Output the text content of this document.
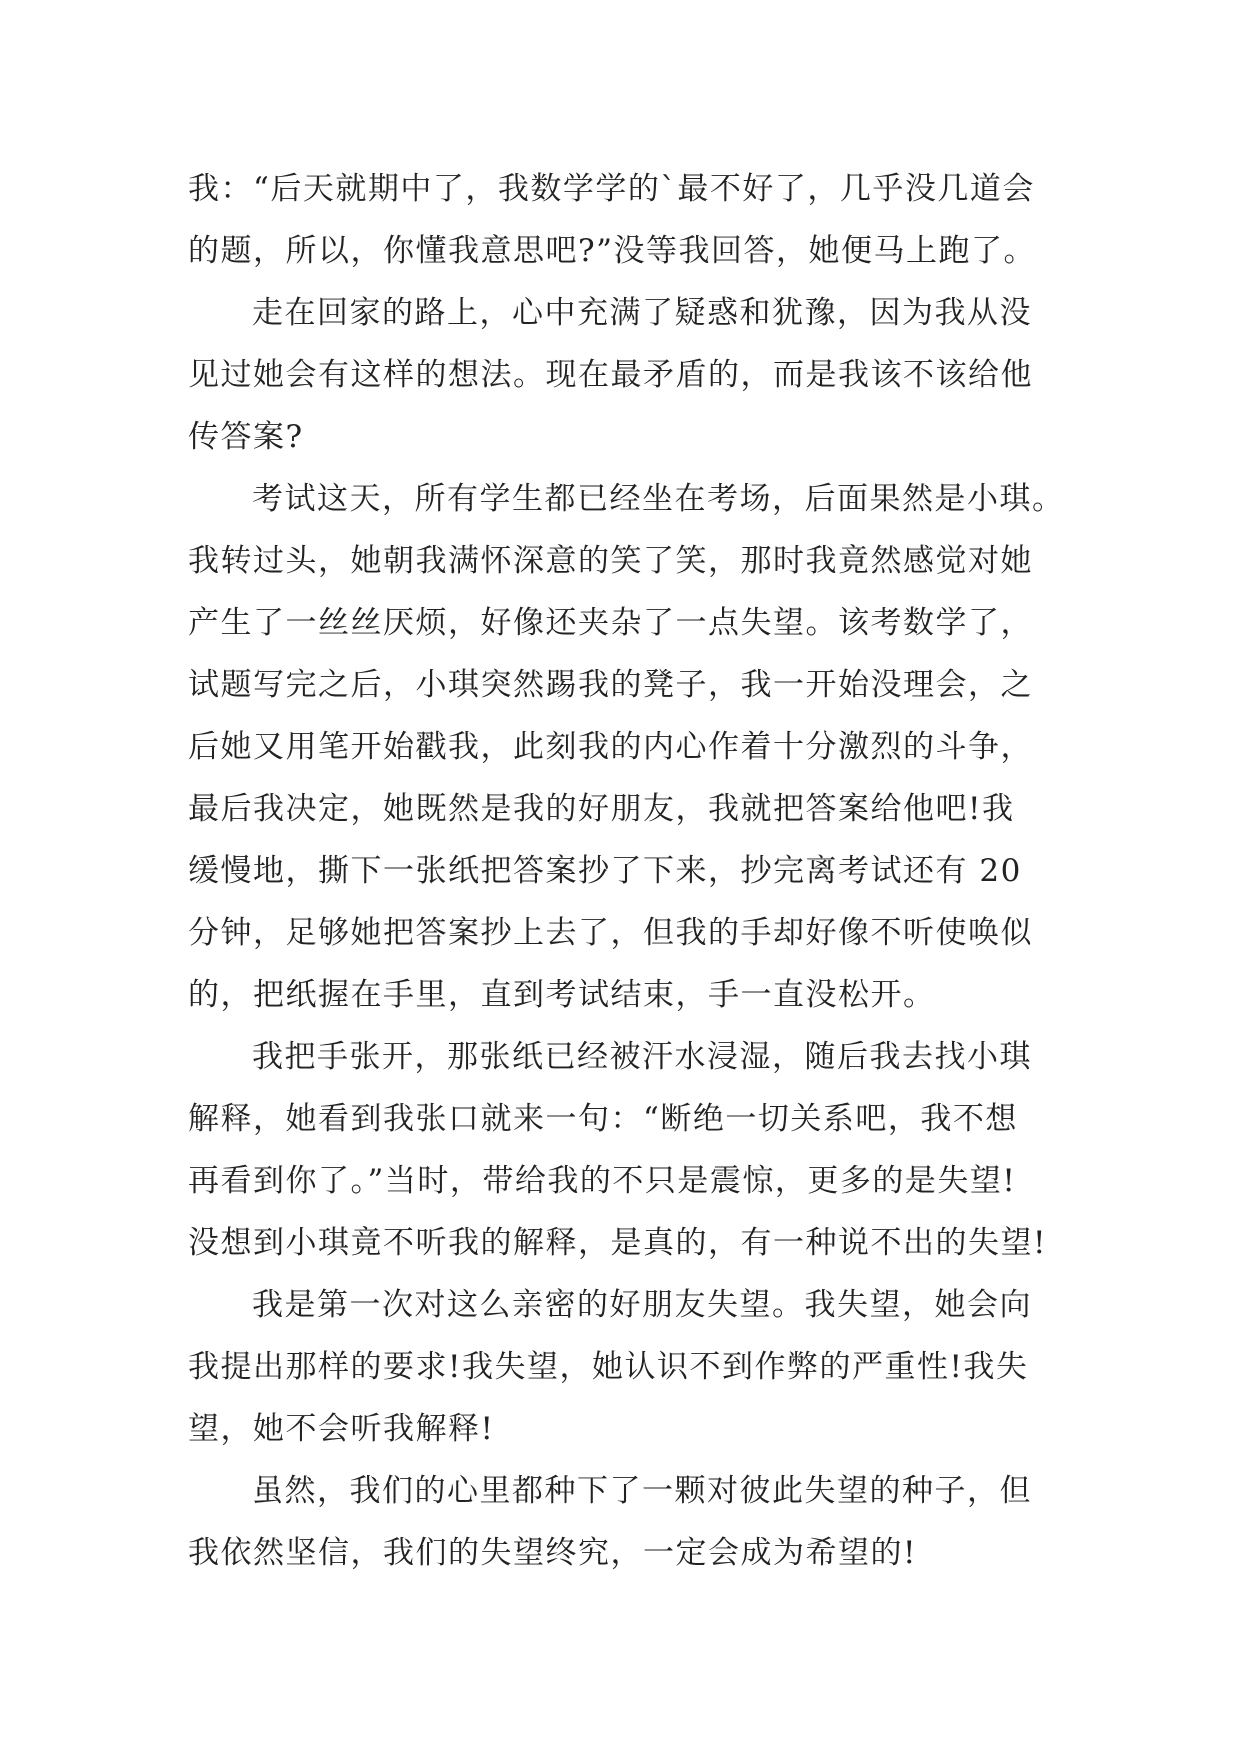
我：“后天就期中了，我数学学的`最不好了，几乎没几道会
的题，所以，你懂我意思吧?”没等我回答，她便马上跑了。
走在回家的路上，心中充满了疑惑和犹豫，因为我从没
见过她会有这样的想法。现在最矛盾的，而是我该不该给他
传答案?
考试这天，所有学生都已经坐在考场，后面果然是小琪。
我转过头，她朝我满怀深意的笑了笑，那时我竟然感觉对她
产生了一丝丝厌烦，好像还夹杂了一点失望。该考数学了，
试题写完之后，小琪突然踢我的凳子，我一开始没理会，之
后她又用笔开始戳我，此刻我的内心作着十分激烈的斗争，
最后我决定，她既然是我的好朋友，我就把答案给他吧!我
缓慢地，撕下一张纸把答案抄了下来，抄完离考试还有 20
分钟，足够她把答案抄上去了，但我的手却好像不听使唤似
的，把纸握在手里，直到考试结束，手一直没松开。
我把手张开，那张纸已经被汗水浸湿，随后我去找小琪
解释，她看到我张口就来一句：“断绝一切关系吧，我不想
再看到你了。”当时，带给我的不只是震惊，更多的是失望!
没想到小琪竟不听我的解释，是真的，有一种说不出的失望!
我是第一次对这么亲密的好朋友失望。我失望，她会向
我提出那样的要求!我失望，她认识不到作弊的严重性!我失
望，她不会听我解释!
虽然，我们的心里都种下了一颗对彼此失望的种子，但
我依然坚信，我们的失望终究，一定会成为希望的!
